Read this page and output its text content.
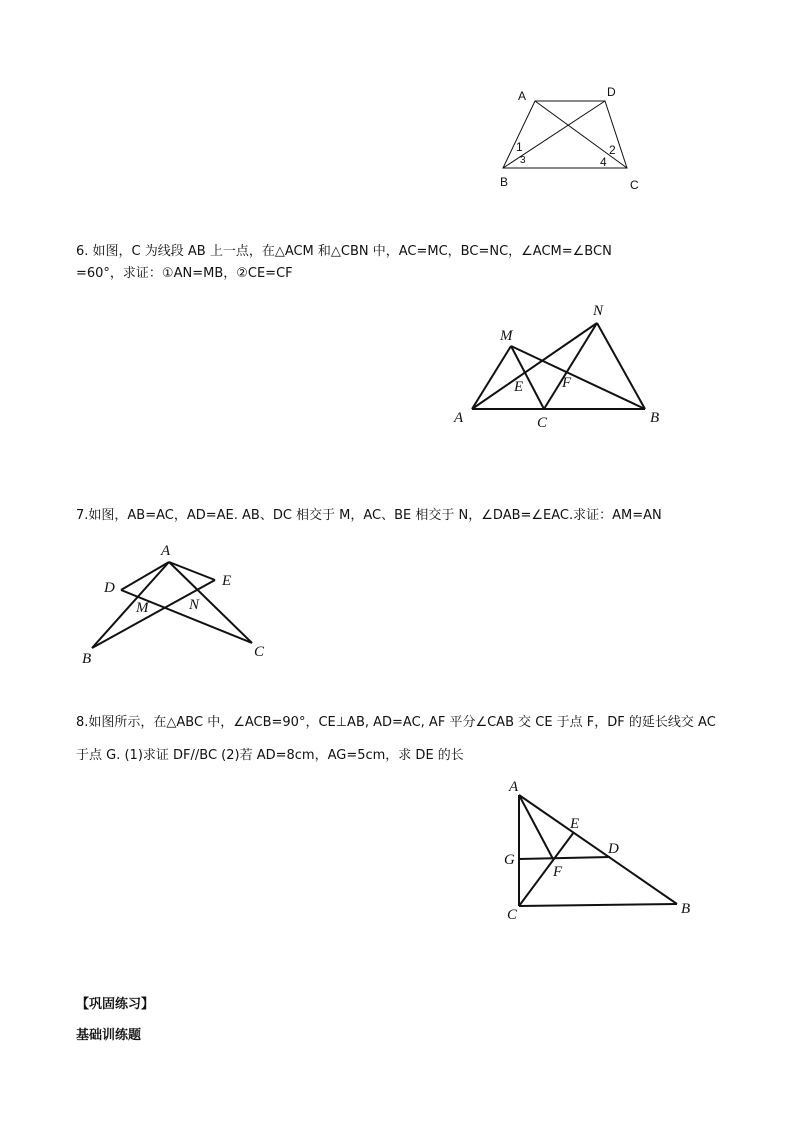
A	D
B	C
1	2
3	4
6. 如图，C 为线段 AB 上一点，在△ACM 和△CBN 中，AC=MC，BC=NC，∠ACM=∠BCN
=60°，求证：①AN=MB，②CE=CF
N
M
E	F
A	C	B
7.如图，AB=AC，AD=AE. AB、DC 相交于 M，AC、BE 相交于 N，∠DAB=∠EAC.求证：AM=AN
A
D	E
M	N
B	C
8.如图所示，在△ABC 中，∠ACB=90°，CE⊥AB, AD=AC, AF 平分∠CAB 交 CE 于点 F，DF 的延长线交 AC
于点 G. (1)求证 DF//BC (2)若 AD=8cm，AG=5cm，求 DE 的长
A
E
D
G
F
C	B
【巩固练习】
基础训练题
